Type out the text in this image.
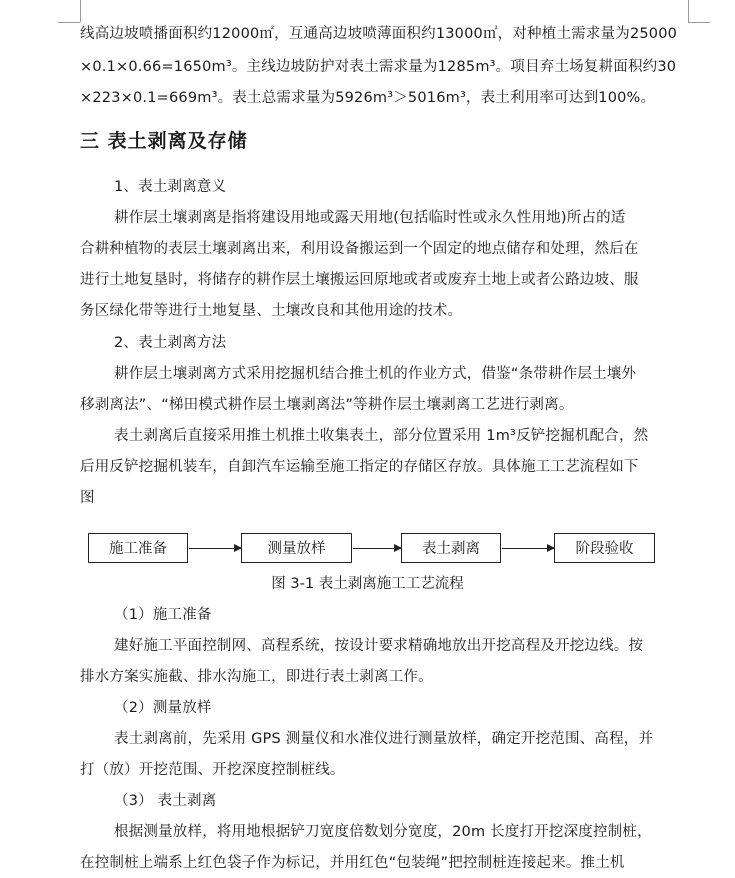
线高边坡喷播面积约12000㎡，互通高边坡喷薄面积约13000㎡，对种植土需求量为25000
×0.1×0.66=1650m³。主线边坡防护对表土需求量为1285m³。项目弃土场复耕面积约30
×223×0.1=669m³。表土总需求量为5926m³＞5016m³，表土利用率可达到100%。
三 表土剥离及存储
1、表土剥离意义
耕作层土壤剥离是指将建设用地或露天用地(包括临时性或永久性用地)所占的适
合耕种植物的表层土壤剥离出来，利用设备搬运到一个固定的地点储存和处理，然后在
进行土地复垦时，将储存的耕作层土壤搬运回原地或者或废弃土地上或者公路边坡、服
务区绿化带等进行土地复垦、土壤改良和其他用途的技术。
2、表土剥离方法
耕作层土壤剥离方式采用挖掘机结合推土机的作业方式，借鉴“条带耕作层土壤外
移剥离法”、“梯田模式耕作层土壤剥离法”等耕作层土壤剥离工艺进行剥离。
表土剥离后直接采用推土机推土收集表土，部分位置采用 1m³反铲挖掘机配合，然
后用反铲挖掘机装车，自卸汽车运输至施工指定的存储区存放。具体施工工艺流程如下
图
施工准备	测量放样	表土剥离	阶段验收
图 3-1 表土剥离施工工艺流程
（1）施工准备
建好施工平面控制网、高程系统，按设计要求精确地放出开挖高程及开挖边线。按
排水方案实施截、排水沟施工，即进行表土剥离工作。
（2）测量放样
表土剥离前，先采用 GPS 测量仪和水准仪进行测量放样，确定开挖范围、高程，并
打（放）开挖范围、开挖深度控制桩线。
（3） 表土剥离
根据测量放样，将用地根据铲刀宽度倍数划分宽度，20m 长度打开挖深度控制桩，
在控制桩上端系上红色袋子作为标记，并用红色“包装绳”把控制桩连接起来。推土机
